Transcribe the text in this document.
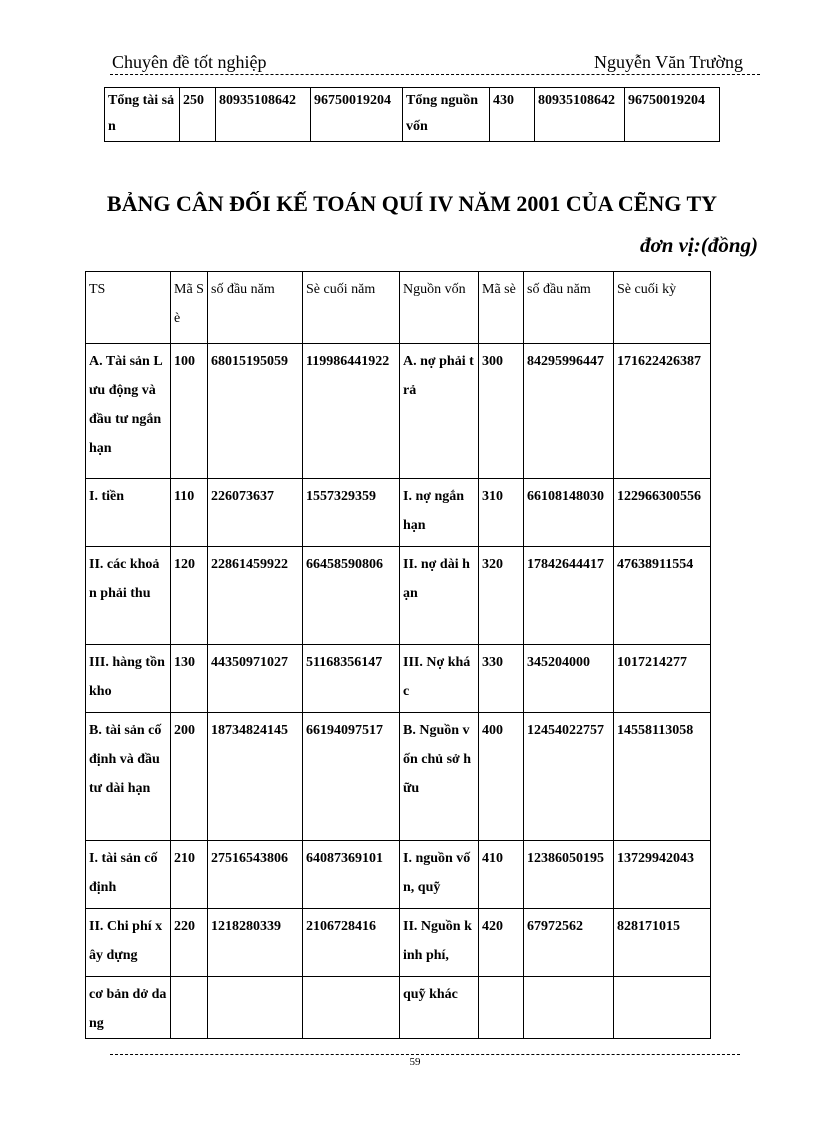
Chuyên đề tốt nghiệp	Nguyễn Văn Trường
Tổng tài sản	250	80935108642	96750019204	Tổng nguồn vốn	430	80935108642	96750019204
BẢNG CÂN ĐỐI KẾ TOÁN QUÍ IV NĂM 2001 CỦA CẼNG TY
đơn vị:(đồng)
TS	Mã Sè	số đầu năm	Sè cuối năm	Nguồn vốn	Mã sè	số đầu năm	Sè cuối kỳ
A. Tài sản Lưu động và đầu tư ngắn hạn	100	68015195059	119986441922	A. nợ phải trả	300	84295996447	171622426387
I. tiền	110	226073637	1557329359	I. nợ ngắn hạn	310	66108148030	122966300556
II. các khoản phải thu	120	22861459922	66458590806	II. nợ dài hạn	320	17842644417	47638911554
III. hàng tồn kho	130	44350971027	51168356147	III. Nợ khác	330	345204000	1017214277
B. tài sản cố định và đầu tư dài hạn	200	18734824145	66194097517	B. Nguồn vốn chủ sở hữu	400	12454022757	14558113058
I. tài sản cố định	210	27516543806	64087369101	I. nguồn vốn, quỹ	410	12386050195	13729942043
II. Chi phí xây dựng	220	1218280339	2106728416	II. Nguồn kinh phí,	420	67972562	828171015
cơ bản dở dang				quỹ khác			
59
